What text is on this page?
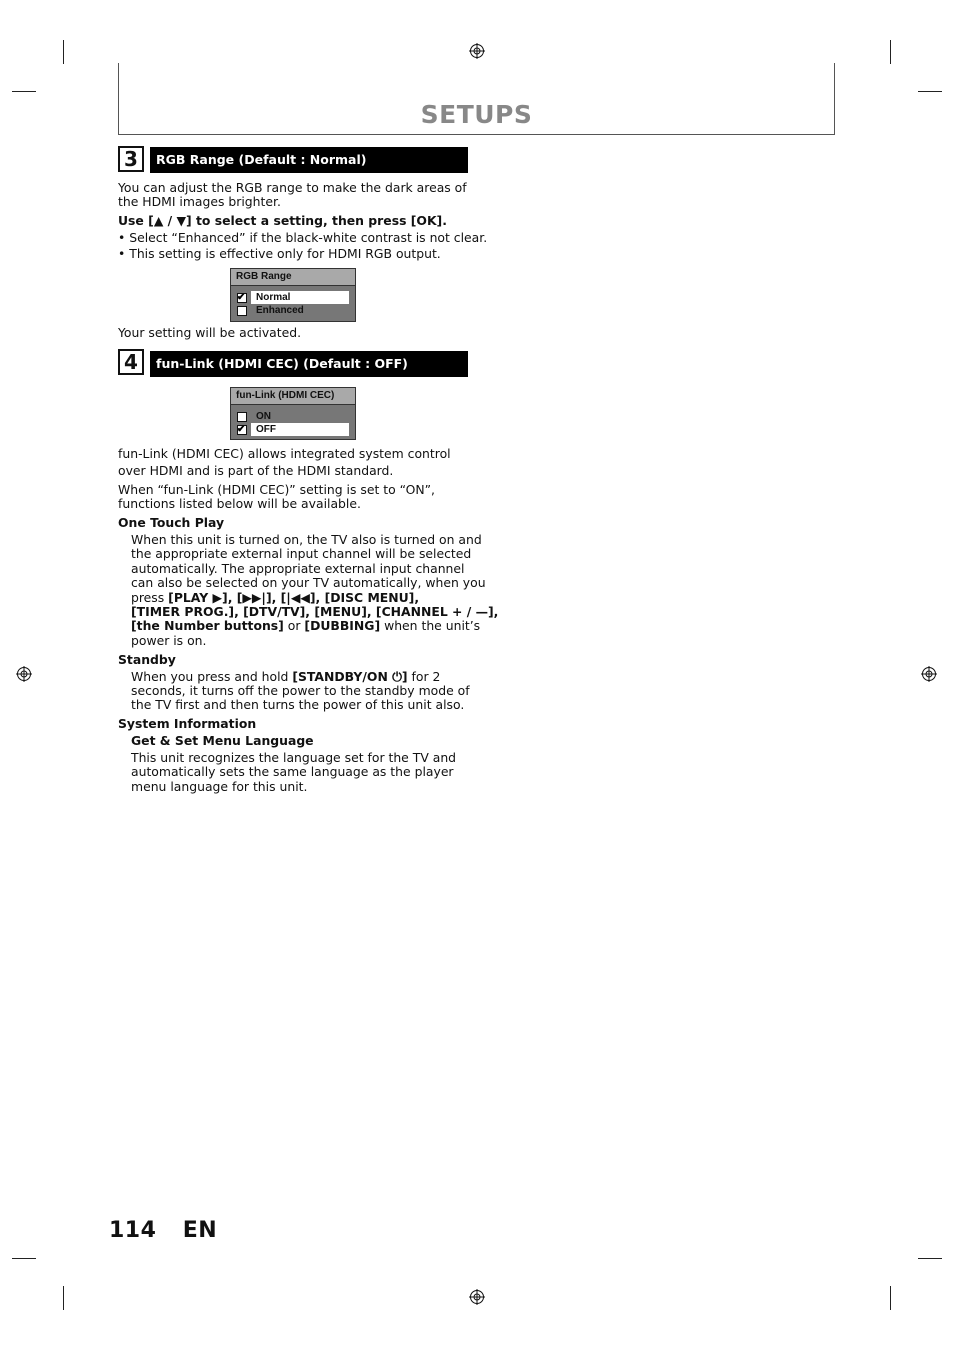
SETUPS
3	RGB Range (Default : Normal)
You can adjust the RGB range to make the dark areas of
the HDMI images brighter.
Use [▲ / ▼] to select a setting, then press [OK].
• Select “Enhanced” if the black-white contrast is not clear.
• This setting is effective only for HDMI RGB output.
RGB Range
✔
Normal
Enhanced
Your setting will be activated.
4	fun-Link (HDMI CEC) (Default : OFF)
fun-Link (HDMI CEC)
ON
✔
OFF
fun-Link (HDMI CEC) allows integrated system control
over HDMI and is part of the HDMI standard.
When “fun-Link (HDMI CEC)” setting is set to “ON”,
functions listed below will be available.
One Touch Play
When this unit is turned on, the TV also is turned on and
the appropriate external input channel will be selected
automatically. The appropriate external input channel
can also be selected on your TV automatically, when you
press [PLAY ▶], [▶▶|], [|◀◀], [DISC MENU],
[TIMER PROG.], [DTV/TV], [MENU], [CHANNEL + / —],
[the Number buttons] or [DUBBING] when the unit’s
power is on.
Standby
When you press and hold [STANDBY/ON ⏻] for 2
seconds, it turns off the power to the standby mode of
the TV first and then turns the power of this unit also.
System Information
Get & Set Menu Language
This unit recognizes the language set for the TV and
automatically sets the same language as the player
menu language for this unit.
114 EN
